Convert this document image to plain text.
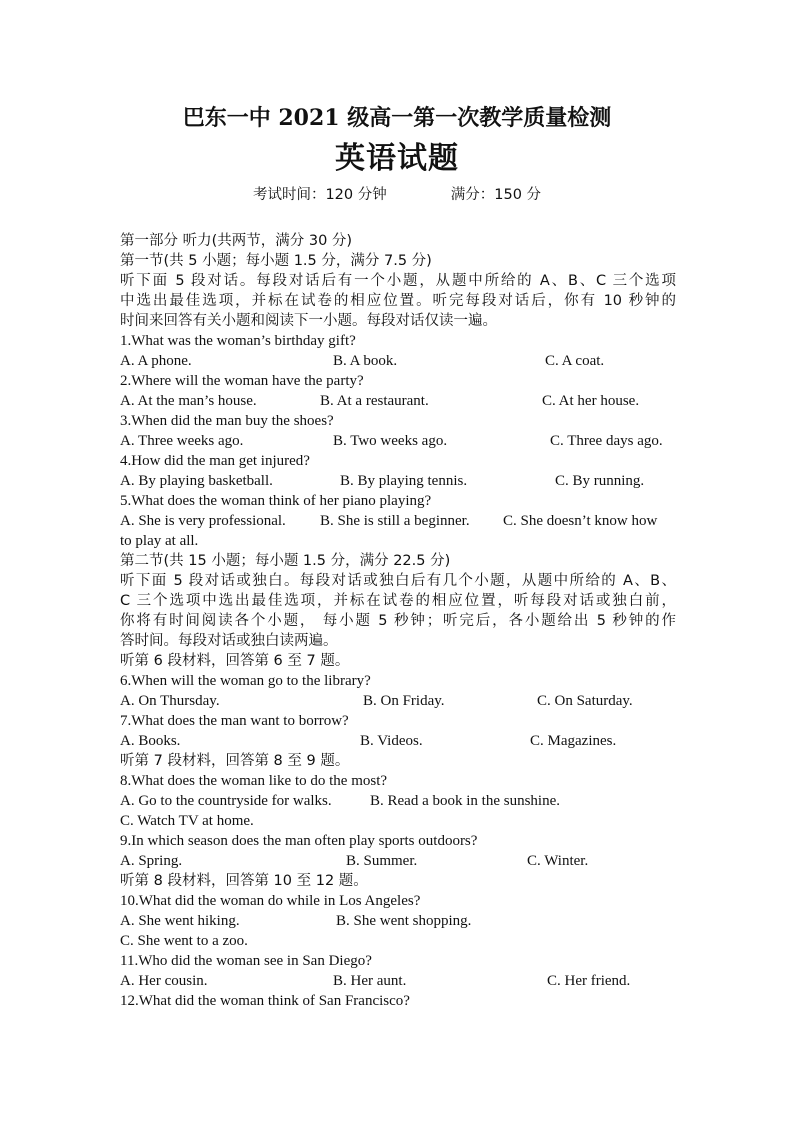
巴东一中 2021 级高一第一次教学质量检测
英语试题
考试时间：120 分钟	满分：150 分
第一部分 听力(共两节，满分 30 分)
第一节(共 5 小题；每小题 1.5 分，满分 7.5 分)
听下面 5 段对话。每段对话后有一个小题，从题中所给的 A、B、C 三个选项
中选出最佳选项，并标在试卷的相应位置。听完每段对话后，你有 10 秒钟的
时间来回答有关小题和阅读下一小题。每段对话仅读一遍。
1.What was the woman’s birthday gift?
A. A phone.	B. A book.	C. A coat.
2.Where will the woman have the party?
A. At the man’s house.	B. At a restaurant.	C. At her house.
3.When did the man buy the shoes?
A. Three weeks ago.	B. Two weeks ago.	C. Three days ago.
4.How did the man get injured?
A. By playing basketball.	B. By playing tennis.	C. By running.
5.What does the woman think of her piano playing?
A. She is very professional. B. She is still a beginner. C. She doesn’t know how
to play at all.
第二节(共 15 小题；每小题 1.5 分，满分 22.5 分)
听下面 5 段对话或独白。每段对话或独白后有几个小题，从题中所给的 A、B、
C 三个选项中选出最佳选项，并标在试卷的相应位置，听每段对话或独白前，
你将有时间阅读各个小题， 每小题 5 秒钟；听完后，各小题给出 5 秒钟的作
答时间。每段对话或独白读两遍。
听第 6 段材料，回答第 6 至 7 题。
6.When will the woman go to the library?
A. On Thursday.	B. On Friday.	C. On Saturday.
7.What does the man want to borrow?
A. Books.	B. Videos.	C. Magazines.
听第 7 段材料，回答第 8 至 9 题。
8.What does the woman like to do the most?
A. Go to the countryside for walks.	B. Read a book in the sunshine.
C. Watch TV at home.
9.In which season does the man often play sports outdoors?
A. Spring.	B. Summer.	C. Winter.
听第 8 段材料，回答第 10 至 12 题。
10.What did the woman do while in Los Angeles?
A. She went hiking.	B. She went shopping.
C. She went to a zoo.
11.Who did the woman see in San Diego?
A. Her cousin.	B. Her aunt.	C. Her friend.
12.What did the woman think of San Francisco?
